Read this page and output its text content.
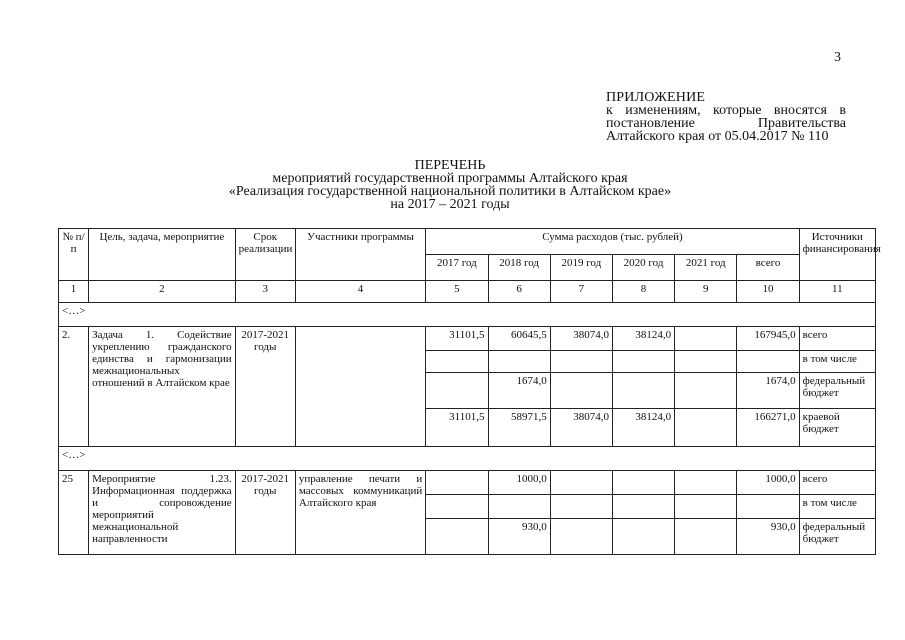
3
ПРИЛОЖЕНИЕ
к изменениям, которые вносятся в постановление Правительства Алтайского края от 05.04.2017 № 110
ПЕРЕЧЕНЬ
мероприятий государственной программы Алтайского края
«Реализация государственной национальной политики в Алтайском крае»
на 2017 – 2021 годы
№ п/п	Цель, задача, мероприятие	Срок реализации	Участники программы	Сумма расходов (тыс. рублей)						Источники финансирования
				2017 год	2018 год	2019 год	2020 год	2021 год	всего	
1	2	3	4	5	6	7	8	9	10	11
<…>										
2.	Задача 1. Содействие укреплению гражданского единства и гармонизации межнациональных отношений в Алтайском крае	2017-2021 годы		31101,5	60645,5	38074,0	38124,0		167945,0	всего
										в том числе
					1674,0				1674,0	федеральный бюджет
				31101,5	58971,5	38074,0	38124,0		166271,0	краевой бюджет
<…>										
25	Мероприятие 1.23. Информационная поддержка и сопровождение мероприятий межнациональной направленности	2017-2021 годы	управление печати и массовых коммуникаций Алтайского края		1000,0				1000,0	всего
										в том числе
					930,0				930,0	федеральный бюджет
